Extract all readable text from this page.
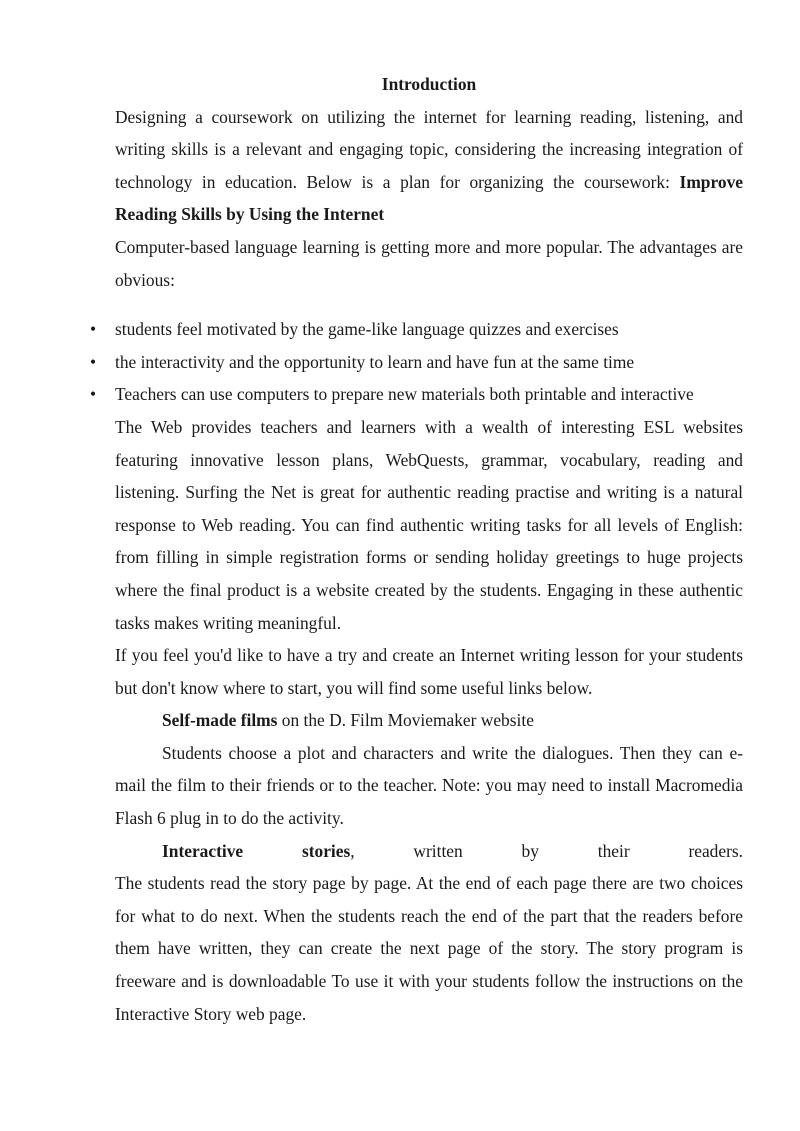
Introduction

Designing a coursework on utilizing the internet for learning reading, listening, and writing skills is a relevant and engaging topic, considering the increasing integration of technology in education. Below is a plan for organizing the coursework: Improve Reading Skills by Using the Internet

Computer-based language learning is getting more and more popular. The advantages are obvious:

• students feel motivated by the game-like language quizzes and exercises
• the interactivity and the opportunity to learn and have fun at the same time
• Teachers can use computers to prepare new materials both printable and interactive

The Web provides teachers and learners with a wealth of interesting ESL websites featuring innovative lesson plans, WebQuests, grammar, vocabulary, reading and listening. Surfing the Net is great for authentic reading practise and writing is a natural response to Web reading. You can find authentic writing tasks for all levels of English: from filling in simple registration forms or sending holiday greetings to huge projects where the final product is a website created by the students. Engaging in these authentic tasks makes writing meaningful.

If you feel you'd like to have a try and create an Internet writing lesson for your students but don't know where to start, you will find some useful links below.

Self-made films on the D. Film Moviemaker website

Students choose a plot and characters and write the dialogues. Then they can e-mail the film to their friends or to the teacher. Note: you may need to install Macromedia Flash 6 plug in to do the activity.

Interactive stories, written by their readers.

The students read the story page by page. At the end of each page there are two choices for what to do next. When the students reach the end of the part that the readers before them have written, they can create the next page of the story. The story program is freeware and is downloadable To use it with your students follow the instructions on the Interactive Story web page.
